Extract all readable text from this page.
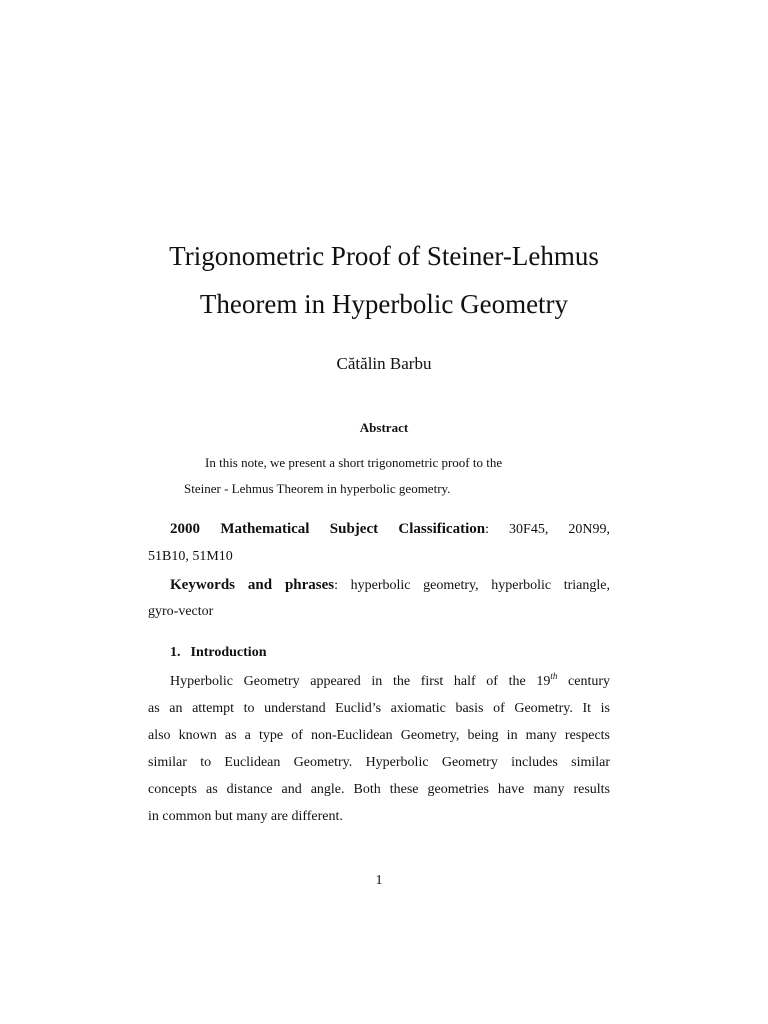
Trigonometric Proof of Steiner-Lehmus
Theorem in Hyperbolic Geometry

Cătălin Barbu

Abstract

In this note, we present a short trigonometric proof to the

Steiner - Lehmus Theorem in hyperbolic geometry.

2000 Mathematical Subject Classification: 30F45, 20N99,

51B10, 51M10

Keywords and phrases: hyperbolic geometry, hyperbolic triangle,

gyro-vector

1. Introduction

Hyperbolic Geometry appeared in the first half of the 19th century

as an attempt to understand Euclid’s axiomatic basis of Geometry. It is

also known as a type of non-Euclidean Geometry, being in many respects

similar to Euclidean Geometry. Hyperbolic Geometry includes similar

concepts as distance and angle. Both these geometries have many results

in common but many are different.

1
